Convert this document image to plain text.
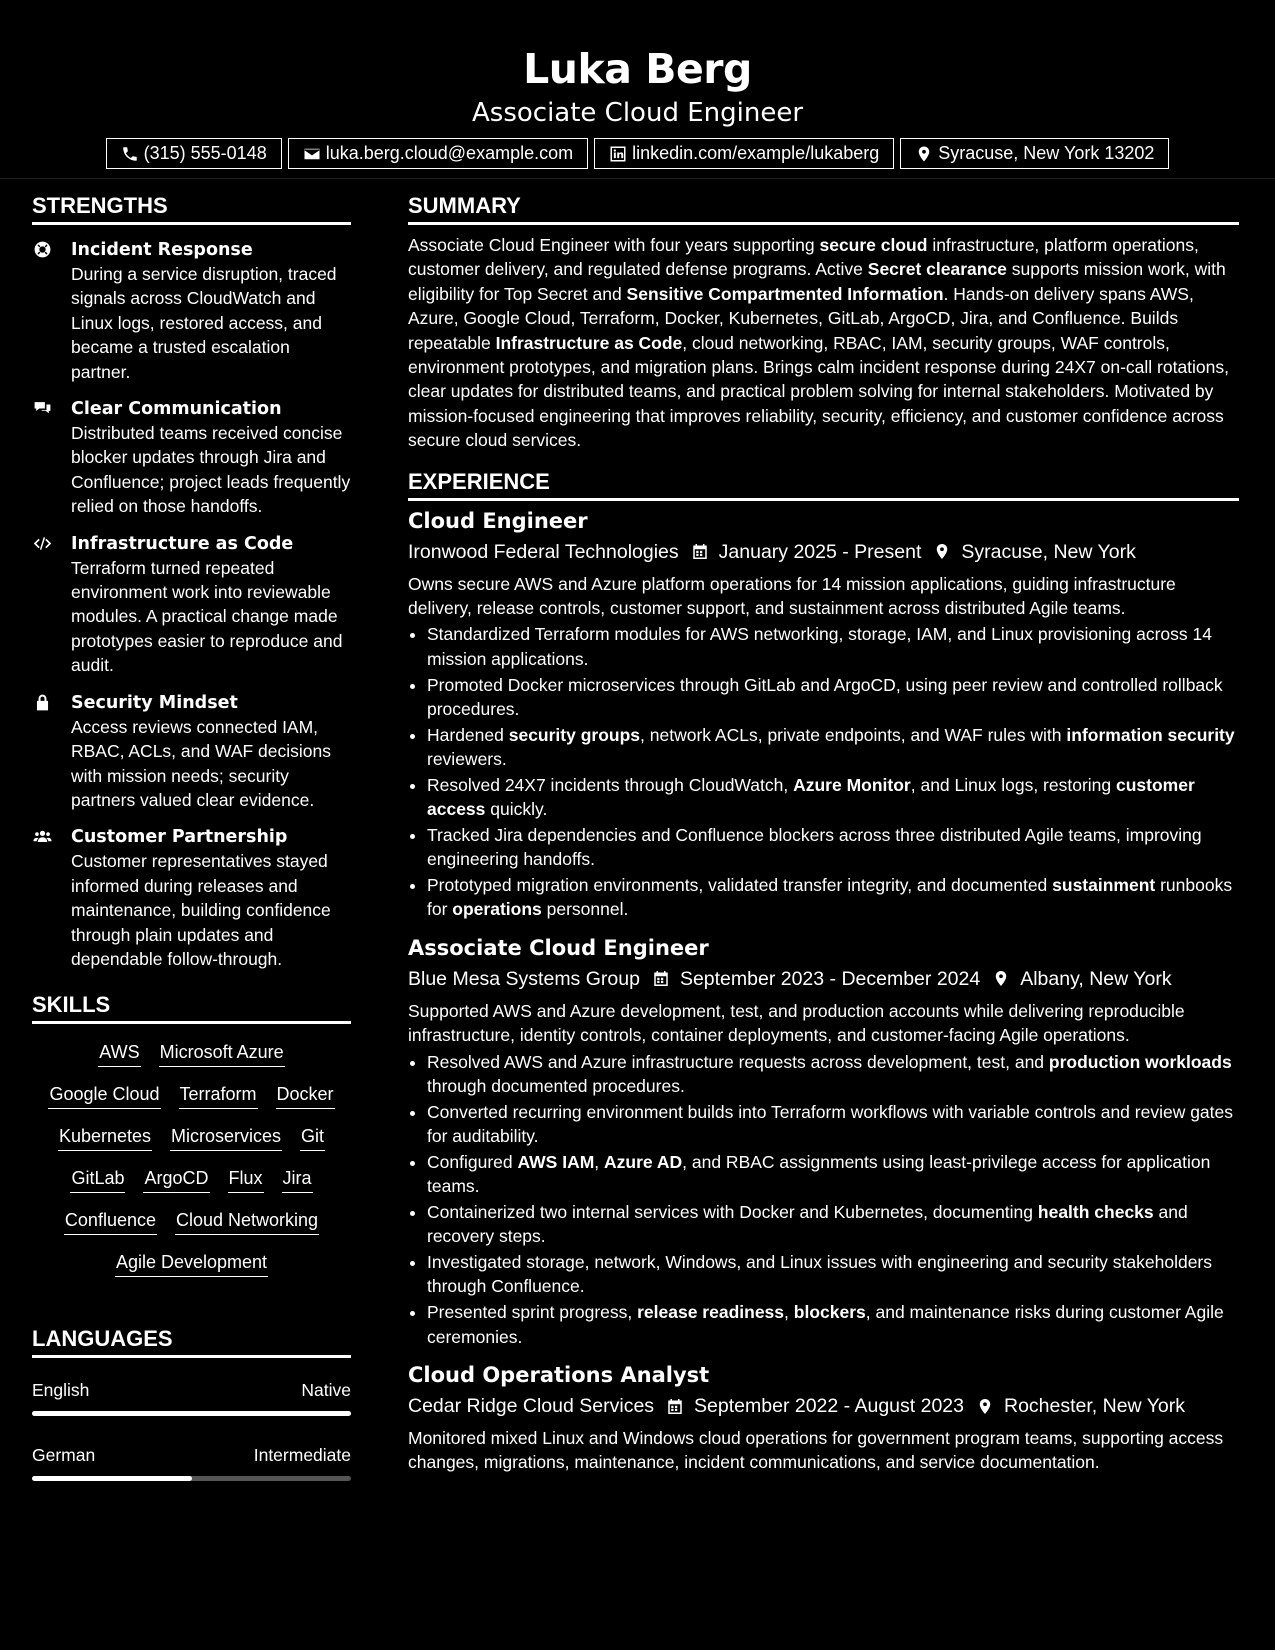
Luka Berg
Associate Cloud Engineer
(315) 555-0148	luka.berg.cloud@example.com	linkedin.com/example/lukaberg	Syracuse, New York 13202
STRENGTHS
Incident Response
During a service disruption, traced signals across CloudWatch and Linux logs, restored access, and became a trusted escalation partner.
Clear Communication
Distributed teams received concise blocker updates through Jira and Confluence; project leads frequently relied on those handoffs.
Infrastructure as Code
Terraform turned repeated environment work into reviewable modules. A practical change made prototypes easier to reproduce and audit.
Security Mindset
Access reviews connected IAM, RBAC, ACLs, and WAF decisions with mission needs; security partners valued clear evidence.
Customer Partnership
Customer representatives stayed informed during releases and maintenance, building confidence through plain updates and dependable follow-through.
SKILLS
AWS Microsoft Azure
Google Cloud Terraform Docker
Kubernetes Microservices Git
GitLab ArgoCD Flux Jira
Confluence Cloud Networking
Agile Development
LANGUAGES
English	Native
German	Intermediate
SUMMARY

Associate Cloud Engineer with four years supporting secure cloud infrastructure, platform operations, customer delivery, and regulated defense programs. Active Secret clearance supports mission work, with eligibility for Top Secret and Sensitive Compartmented Information. Hands-on delivery spans AWS, Azure, Google Cloud, Terraform, Docker, Kubernetes, GitLab, ArgoCD, Jira, and Confluence. Builds repeatable Infrastructure as Code, cloud networking, RBAC, IAM, security groups, WAF controls, environment prototypes, and migration plans. Brings calm incident response during 24X7 on-call rotations, clear updates for distributed teams, and practical problem solving for internal stakeholders. Motivated by mission-focused engineering that improves reliability, security, efficiency, and customer confidence across secure cloud services.

EXPERIENCE
Cloud Engineer
Ironwood Federal Technologies January 2025 - Present Syracuse, New York

Owns secure AWS and Azure platform operations for 14 mission applications, guiding infrastructure delivery, release controls, customer support, and sustainment across distributed Agile teams.

• Standardized Terraform modules for AWS networking, storage, IAM, and Linux provisioning across 14 mission applications.
• Promoted Docker microservices through GitLab and ArgoCD, using peer review and controlled rollback procedures.
• Hardened security groups, network ACLs, private endpoints, and WAF rules with information security reviewers.
• Resolved 24X7 incidents through CloudWatch, Azure Monitor, and Linux logs, restoring customer access quickly.
• Tracked Jira dependencies and Confluence blockers across three distributed Agile teams, improving engineering handoffs.
• Prototyped migration environments, validated transfer integrity, and documented sustainment runbooks for operations personnel.
Associate Cloud Engineer
Blue Mesa Systems Group September 2023 - December 2024 Albany, New York

Supported AWS and Azure development, test, and production accounts while delivering reproducible infrastructure, identity controls, container deployments, and customer-facing Agile operations.

• Resolved AWS and Azure infrastructure requests across development, test, and production workloads through documented procedures.
• Converted recurring environment builds into Terraform workflows with variable controls and review gates for auditability.
• Configured AWS IAM, Azure AD, and RBAC assignments using least-privilege access for application teams.
• Containerized two internal services with Docker and Kubernetes, documenting health checks and recovery steps.
• Investigated storage, network, Windows, and Linux issues with engineering and security stakeholders through Confluence.
• Presented sprint progress, release readiness, blockers, and maintenance risks during customer Agile ceremonies.
Cloud Operations Analyst
Cedar Ridge Cloud Services September 2022 - August 2023 Rochester, New York

Monitored mixed Linux and Windows cloud operations for government program teams, supporting access changes, migrations, maintenance, incident communications, and service documentation.
